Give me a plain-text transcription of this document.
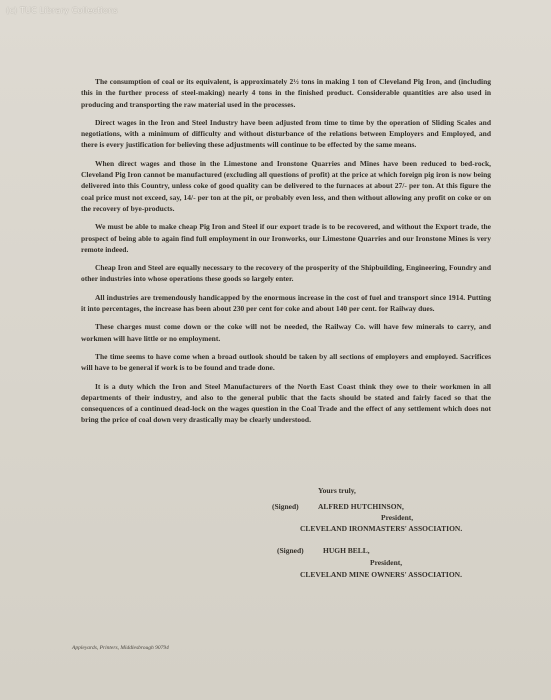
(c) TUC Library Collections

The consumption of coal or its equivalent, is approximately 2½ tons in making 1 ton of Cleveland Pig Iron, and (including this in the further process of steel-making) nearly 4 tons in the finished product. Considerable quantities are also used in producing and transporting the raw material used in the processes.

Direct wages in the Iron and Steel Industry have been adjusted from time to time by the operation of Sliding Scales and negotiations, with a minimum of difficulty and without disturbance of the relations between Employers and Employed, and there is every justification for believing these adjustments will continue to be effected by the same means.

When direct wages and those in the Limestone and Ironstone Quarries and Mines have been reduced to bed-rock, Cleveland Pig Iron cannot be manufactured (excluding all questions of profit) at the price at which foreign pig iron is now being delivered into this Country, unless coke of good quality can be delivered to the furnaces at about 27/- per ton. At this figure the coal price must not exceed, say, 14/- per ton at the pit, or probably even less, and then without allowing any profit on coke or on the recovery of bye-products.

We must be able to make cheap Pig Iron and Steel if our export trade is to be recovered, and without the Export trade, the prospect of being able to again find full employment in our Ironworks, our Limestone Quarries and our Ironstone Mines is very remote indeed.

Cheap Iron and Steel are equally necessary to the recovery of the prosperity of the Shipbuilding, Engineering, Foundry and other industries into whose operations these goods so largely enter.

All industries are tremendously handicapped by the enormous increase in the cost of fuel and transport since 1914. Putting it into percentages, the increase has been about 230 per cent for coke and about 140 per cent. for Railway dues.

These charges must come down or the coke will not be needed, the Railway Co. will have few minerals to carry, and workmen will have little or no employment.

The time seems to have come when a broad outlook should be taken by all sections of employers and employed. Sacrifices will have to be general if work is to be found and trade done.

It is a duty which the Iron and Steel Manufacturers of the North East Coast think they owe to their workmen in all departments of their industry, and also to the general public that the facts should be stated and fairly faced so that the consequences of a continued dead-lock on the wages question in the Coal Trade and the effect of any settlement which does not bring the price of coal down very drastically may be clearly understood.

Yours truly,
(Signed)	ALFRED HUTCHINSON,
President,
CLEVELAND IRONMASTERS' ASSOCIATION.
(Signed)	HUGH BELL,
President,
CLEVELAND MINE OWNERS' ASSOCIATION.
Appleyards, Printers, Middlesbrough 90794
